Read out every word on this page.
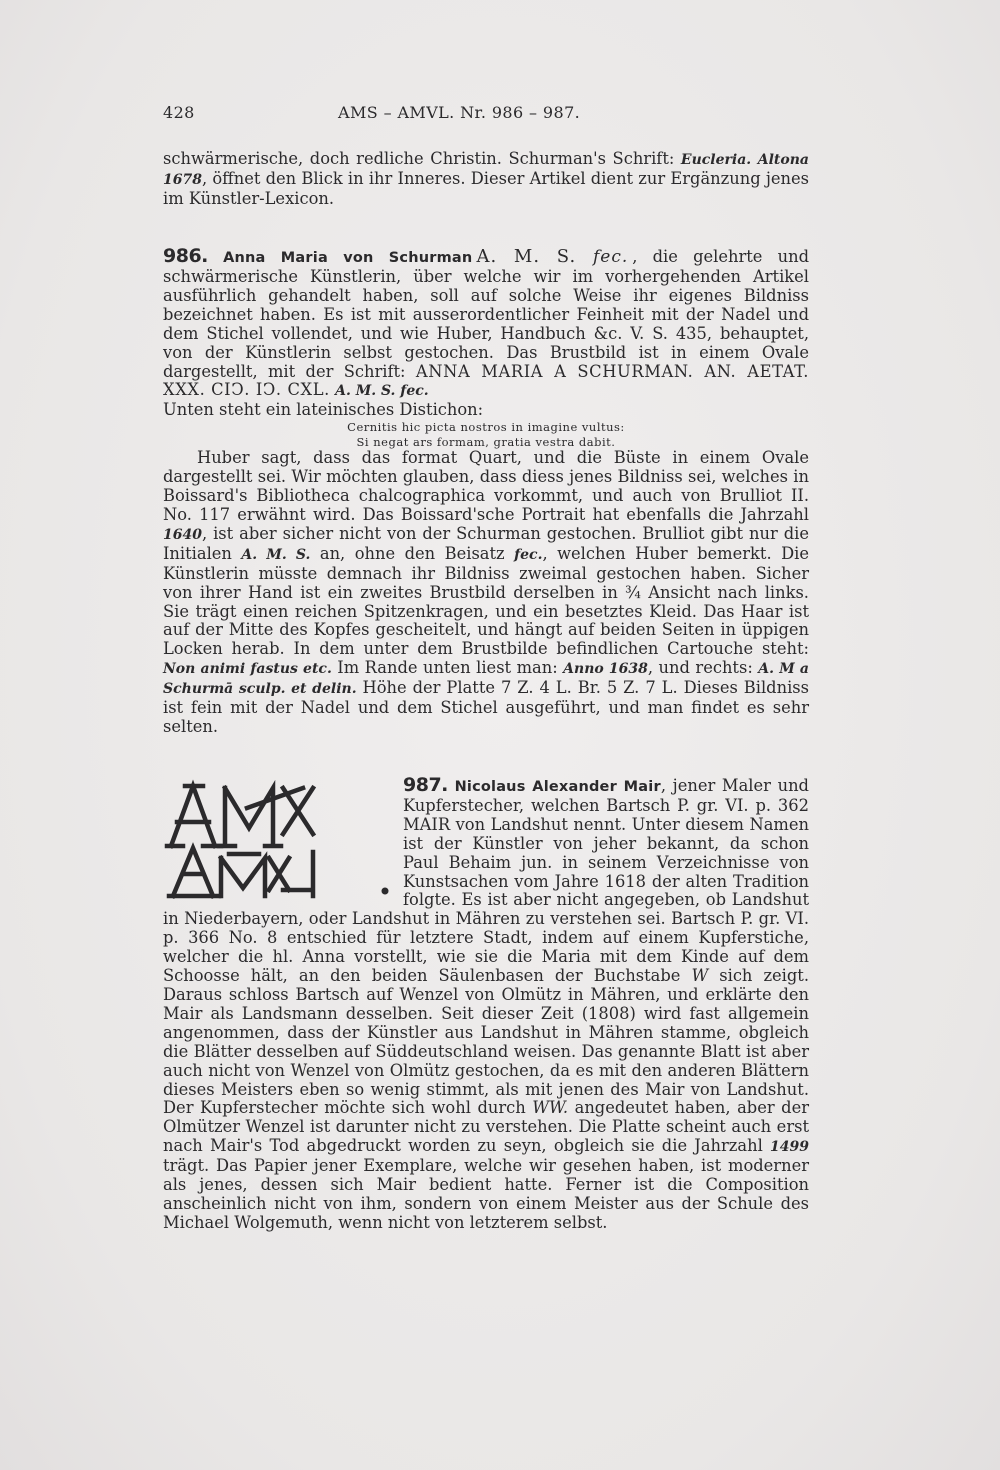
428	AMS – AMVL. Nr. 986 – 987.

schwärmerische, doch redliche Christin. Schurman's Schrift: Eucleria. Altona 1678, öffnet den Blick in ihr Inneres. Dieser Artikel dient zur Ergänzung jenes im Künstler-Lexicon.

986. Anna Maria von Schurman A. M. S. fec. , die gelehrte und schwärmerische Künstlerin, über welche wir im vorhergehenden Artikel ausführlich gehandelt haben, soll auf solche Weise ihr eigenes Bildniss bezeichnet haben. Es ist mit ausserordentlicher Feinheit mit der Nadel und dem Stichel vollendet, und wie Huber, Handbuch &c. V. S. 435, behauptet, von der Künstlerin selbst gestochen. Das Brustbild ist in einem Ovale dargestellt, mit der Schrift: ANNA MARIA A SCHURMAN. AN. AETAT. XXX. CIↃ. IↃ. CXL. A. M. S. fec.

Unten steht ein lateinisches Distichon:

Cernitis hic picta nostros in imagine vultus:

Si negat ars formam, gratia vestra dabit.

Huber sagt, dass das format Quart, und die Büste in einem Ovale dargestellt sei. Wir möchten glauben, dass diess jenes Bildniss sei, welches in Boissard's Bibliotheca chalcographica vorkommt, und auch von Brulliot II. No. 117 erwähnt wird. Das Boissard'sche Portrait hat ebenfalls die Jahrzahl 1640, ist aber sicher nicht von der Schurman gestochen. Brulliot gibt nur die Initialen A. M. S. an, ohne den Beisatz fec., welchen Huber bemerkt. Die Künstlerin müsste demnach ihr Bildniss zweimal gestochen haben. Sicher von ihrer Hand ist ein zweites Brustbild derselben in ¾ Ansicht nach links. Sie trägt einen reichen Spitzenkragen, und ein besetztes Kleid. Das Haar ist auf der Mitte des Kopfes gescheitelt, und hängt auf beiden Seiten in üppigen Locken herab. In dem unter dem Brustbilde befindlichen Cartouche steht: Non animi fastus etc. Im Rande unten liest man: Anno 1638, und rechts: A. M a Schurmā sculp. et delin. Höhe der Platte 7 Z. 4 L. Br. 5 Z. 7 L. Dieses Bildniss ist fein mit der Nadel und dem Stichel ausgeführt, und man findet es sehr selten.

987. Nicolaus Alexander Mair
, jener Maler und Kupferstecher, welchen Bartsch P. gr. VI. p. 362 MAIR von Landshut nennt. Unter diesem Namen ist der Künstler von jeher bekannt, da schon Paul Behaim jun. in seinem Verzeichnisse von Kunstsachen vom Jahre 1618 der alten Tradition folgte. Es ist aber nicht angegeben, ob Landshut in Niederbayern, oder Landshut in Mähren zu verstehen sei. Bartsch P. gr. VI. p. 366 No. 8 entschied für letztere Stadt, indem auf einem Kupferstiche, welcher die hl. Anna vorstellt, wie sie die Maria mit dem Kinde auf dem Schoosse hält, an den beiden Säulenbasen der Buchstabe W sich zeigt. Daraus schloss Bartsch auf Wenzel von Olmütz in Mähren, und erklärte den Mair als Landsmann desselben. Seit dieser Zeit (1808) wird fast allgemein angenommen, dass der Künstler aus Landshut in Mähren stamme, obgleich die Blätter desselben auf Süddeutschland weisen. Das genannte Blatt ist aber auch nicht von Wenzel von Olmütz gestochen, da es mit den anderen Blättern dieses Meisters eben so wenig stimmt, als mit jenen des Mair von Landshut. Der Kupferstecher möchte sich wohl durch WW. angedeutet haben, aber der Olmützer Wenzel ist darunter nicht zu verstehen. Die Platte scheint auch erst nach Mair's Tod abgedruckt worden zu seyn, obgleich sie die Jahrzahl 1499 trägt. Das Papier jener Exemplare, welche wir gesehen haben, ist moderner als jenes, dessen sich Mair bedient hatte. Ferner ist die Composition anscheinlich nicht von ihm, sondern von einem Meister aus der Schule des Michael Wolgemuth, wenn nicht von letzterem selbst.
